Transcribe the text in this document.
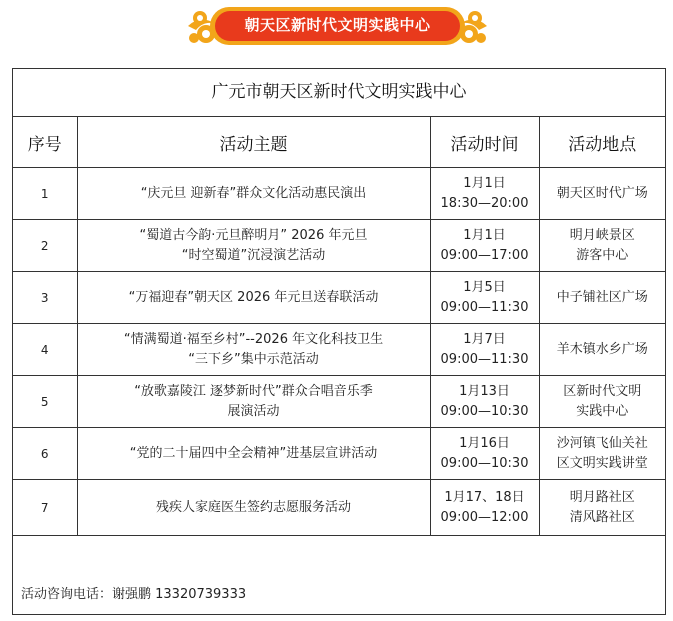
朝天区新时代文明实践中心
广元市朝天区新时代文明实践中心
序号	活动主题	活动时间	活动地点
1	“庆元旦 迎新春”群众文化活动惠民演出	1月1日
18:30—20:00	朝天区时代广场

2	“蜀道古今韵·元旦醉明月” 2026 年元旦
“时空蜀道”沉浸演艺活动	1月1日
09:00—17:00	明月峡景区
游客中心

3	“万福迎春”朝天区 2026 年元旦送春联活动	1月5日
09:00—11:30	中子铺社区广场

4	“情满蜀道·福至乡村”--2026 年文化科技卫生
“三下乡”集中示范活动	1月7日
09:00—11:30	羊木镇水乡广场

5	“放歌嘉陵江 逐梦新时代”群众合唱音乐季
展演活动	1月13日
09:00—10:30	区新时代文明
实践中心

6	“党的二十届四中全会精神”进基层宣讲活动	1月16日
09:00—10:30	沙河镇飞仙关社
区文明实践讲堂

7	残疾人家庭医生签约志愿服务活动	1月17、18日
09:00—12:00	明月路社区
清风路社区
活动咨询电话：谢强鹏 13320739333
